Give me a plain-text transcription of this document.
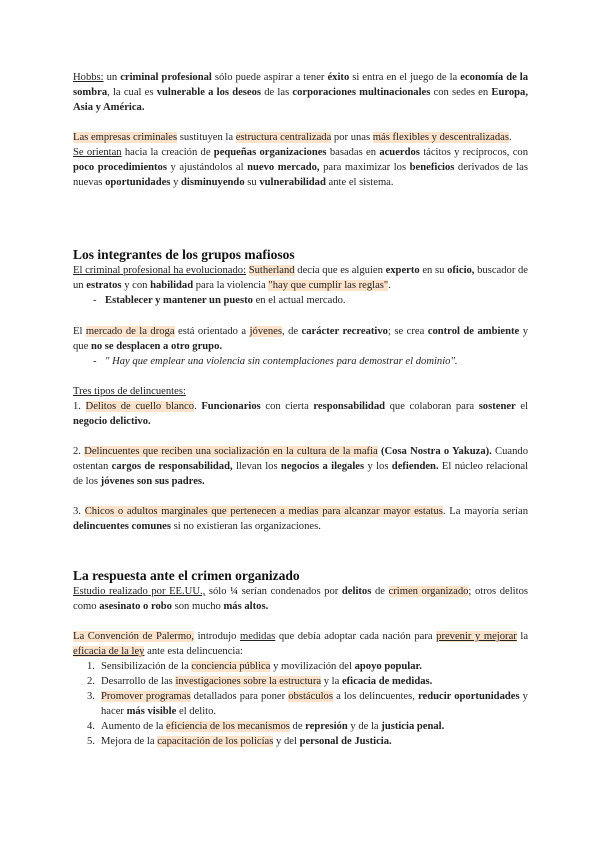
Hobbs: un criminal profesional sólo puede aspirar a tener éxito si entra en el juego de la economía de la sombra, la cual es vulnerable a los deseos de las corporaciones multinacionales con sedes en Europa, Asia y América.

Las empresas criminales sustituyen la estructura centralizada por unas más flexibles y descentralizadas.

Se orientan hacia la creación de pequeñas organizaciones basadas en acuerdos tácitos y recíprocos, con poco procedimientos y ajustándolos al nuevo mercado, para maximizar los beneficios derivados de las nuevas oportunidades y disminuyendo su vulnerabilidad ante el sistema.

Los integrantes de los grupos mafiosos

El criminal profesional ha evolucionado: Sutherland decía que es alguien experto en su oficio, buscador de un estratos y con habilidad para la violencia "hay que cumplir las reglas".

- Establecer y mantener un puesto en el actual mercado.

El mercado de la droga está orientado a jóvenes, de carácter recreativo; se crea control de ambiente y que no se desplacen a otro grupo.

- " Hay que emplear una violencia sin contemplaciones para demostrar el dominio".

Tres tipos de delincuentes:

1. Delitos de cuello blanco. Funcionarios con cierta responsabilidad que colaboran para sostener el negocio delictivo.

2. Delincuentes que reciben una socialización en la cultura de la mafia (Cosa Nostra o Yakuza). Cuando ostentan cargos de responsabilidad, llevan los negocios a ilegales y los defienden. El núcleo relacional de los jóvenes son sus padres.

3. Chicos o adultos marginales que pertenecen a medias para alcanzar mayor estatus. La mayoría serían delincuentes comunes si no existieran las organizaciones.

La respuesta ante el crimen organizado

Estudio realizado por EE.UU., sólo ¼ serían condenados por delitos de crimen organizado; otros delitos como asesinato o robo son mucho más altos.

La Convención de Palermo, introdujo medidas que debía adoptar cada nación para prevenir y mejorar la eficacia de la ley ante esta delincuencia:

1. Sensibilización de la conciencia pública y movilización del apoyo popular.
2. Desarrollo de las investigaciones sobre la estructura y la eficacia de medidas.
3. Promover programas detallados para poner obstáculos a los delincuentes, reducir oportunidades y hacer más visible el delito.
4. Aumento de la eficiencia de los mecanismos de represión y de la justicia penal.
5. Mejora de la capacitación de los policías y del personal de Justicia.
